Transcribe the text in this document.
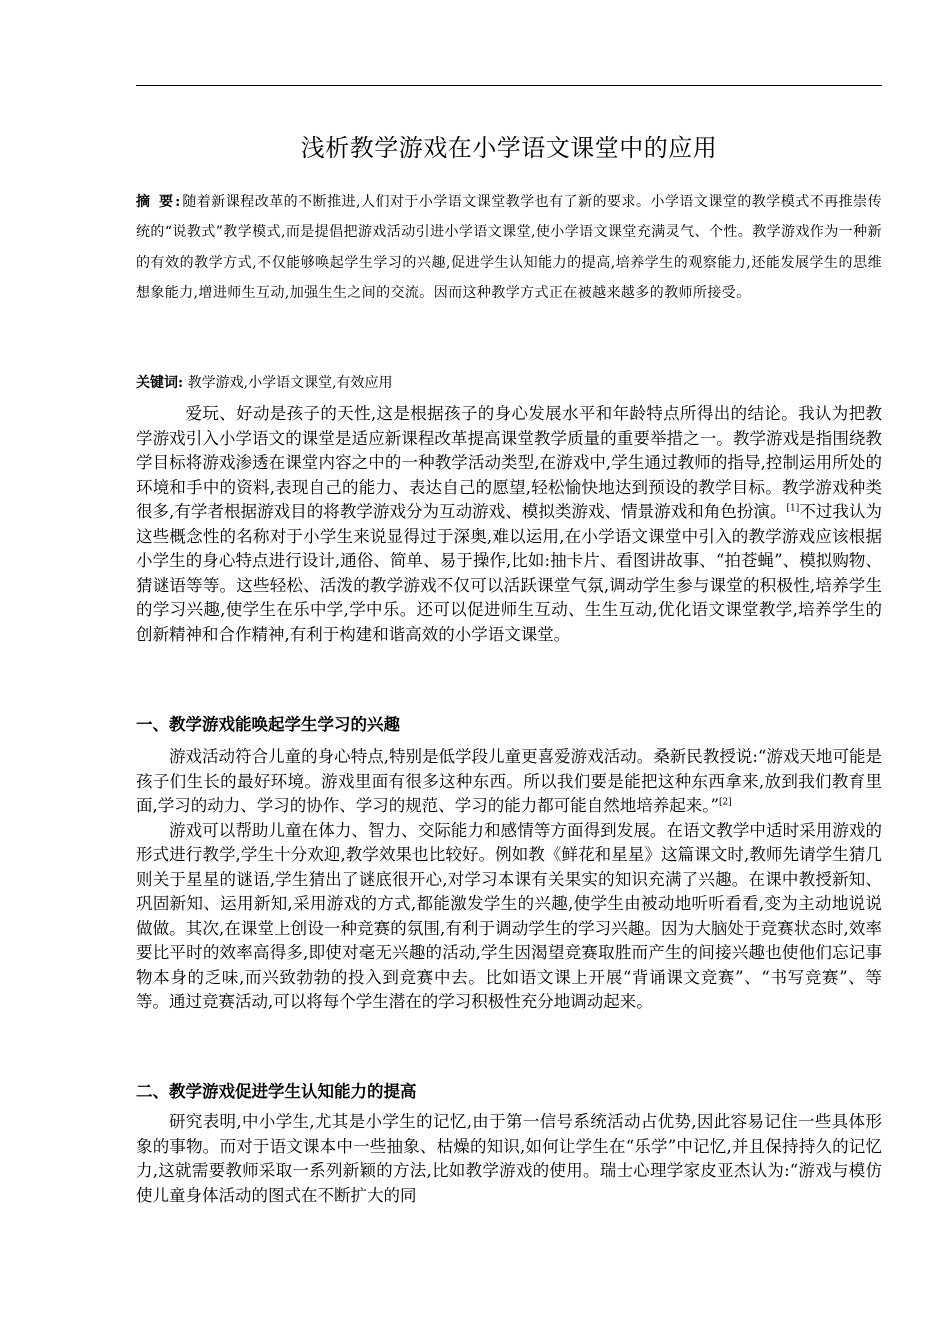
浅析教学游戏在小学语文课堂中的应用
摘 要:随着新课程改革的不断推进,人们对于小学语文课堂教学也有了新的要求。小学语文课堂的教学模式不再推崇传统的“说教式”教学模式,而是提倡把游戏活动引进小学语文课堂,使小学语文课堂充满灵气、个性。教学游戏作为一种新的有效的教学方式,不仅能够唤起学生学习的兴趣,促进学生认知能力的提高,培养学生的观察能力,还能发展学生的思维想象能力,增进师生互动,加强生生之间的交流。因而这种教学方式正在被越来越多的教师所接受。
关键词: 教学游戏,小学语文课堂,有效应用

爱玩、好动是孩子的天性,这是根据孩子的身心发展水平和年龄特点所得出的结论。我认为把教学游戏引入小学语文的课堂是适应新课程改革提高课堂教学质量的重要举措之一。教学游戏是指围绕教学目标将游戏渗透在课堂内容之中的一种教学活动类型,在游戏中,学生通过教师的指导,控制运用所处的环境和手中的资料,表现自己的能力、表达自己的愿望,轻松愉快地达到预设的教学目标。教学游戏种类很多,有学者根据游戏目的将教学游戏分为互动游戏、模拟类游戏、情景游戏和角色扮演。[1]不过我认为这些概念性的名称对于小学生来说显得过于深奥,难以运用,在小学语文课堂中引入的教学游戏应该根据小学生的身心特点进行设计,通俗、简单、易于操作,比如:抽卡片、看图讲故事、“拍苍蝇”、模拟购物、猜谜语等等。这些轻松、活泼的教学游戏不仅可以活跃课堂气氛,调动学生参与课堂的积极性,培养学生的学习兴趣,使学生在乐中学,学中乐。还可以促进师生互动、生生互动,优化语文课堂教学,培养学生的创新精神和合作精神,有利于构建和谐高效的小学语文课堂。

一、教学游戏能唤起学生学习的兴趣

游戏活动符合儿童的身心特点,特别是低学段儿童更喜爱游戏活动。桑新民教授说:“游戏天地可能是孩子们生长的最好环境。游戏里面有很多这种东西。所以我们要是能把这种东西拿来,放到我们教育里面,学习的动力、学习的协作、学习的规范、学习的能力都可能自然地培养起来。”[2]

游戏可以帮助儿童在体力、智力、交际能力和感情等方面得到发展。在语文教学中适时采用游戏的形式进行教学,学生十分欢迎,教学效果也比较好。例如教《鲜花和星星》这篇课文时,教师先请学生猜几则关于星星的谜语,学生猜出了谜底很开心,对学习本课有关果实的知识充满了兴趣。在课中教授新知、巩固新知、运用新知,采用游戏的方式,都能激发学生的兴趣,使学生由被动地听听看看,变为主动地说说做做。其次,在课堂上创设一种竞赛的氛围,有利于调动学生的学习兴趣。因为大脑处于竞赛状态时,效率要比平时的效率高得多,即使对毫无兴趣的活动,学生因渴望竞赛取胜而产生的间接兴趣也使他们忘记事物本身的乏味,而兴致勃勃的投入到竞赛中去。比如语文课上开展“背诵课文竞赛”、“书写竞赛”、等等。通过竞赛活动,可以将每个学生潜在的学习积极性充分地调动起来。

二、教学游戏促进学生认知能力的提高

研究表明,中小学生,尤其是小学生的记忆,由于第一信号系统活动占优势,因此容易记住一些具体形象的事物。而对于语文课本中一些抽象、枯燥的知识,如何让学生在“乐学”中记忆,并且保持持久的记忆力,这就需要教师采取一系列新颖的方法,比如教学游戏的使用。瑞士心理学家皮亚杰认为:“游戏与模仿使儿童身体活动的图式在不断扩大的同
